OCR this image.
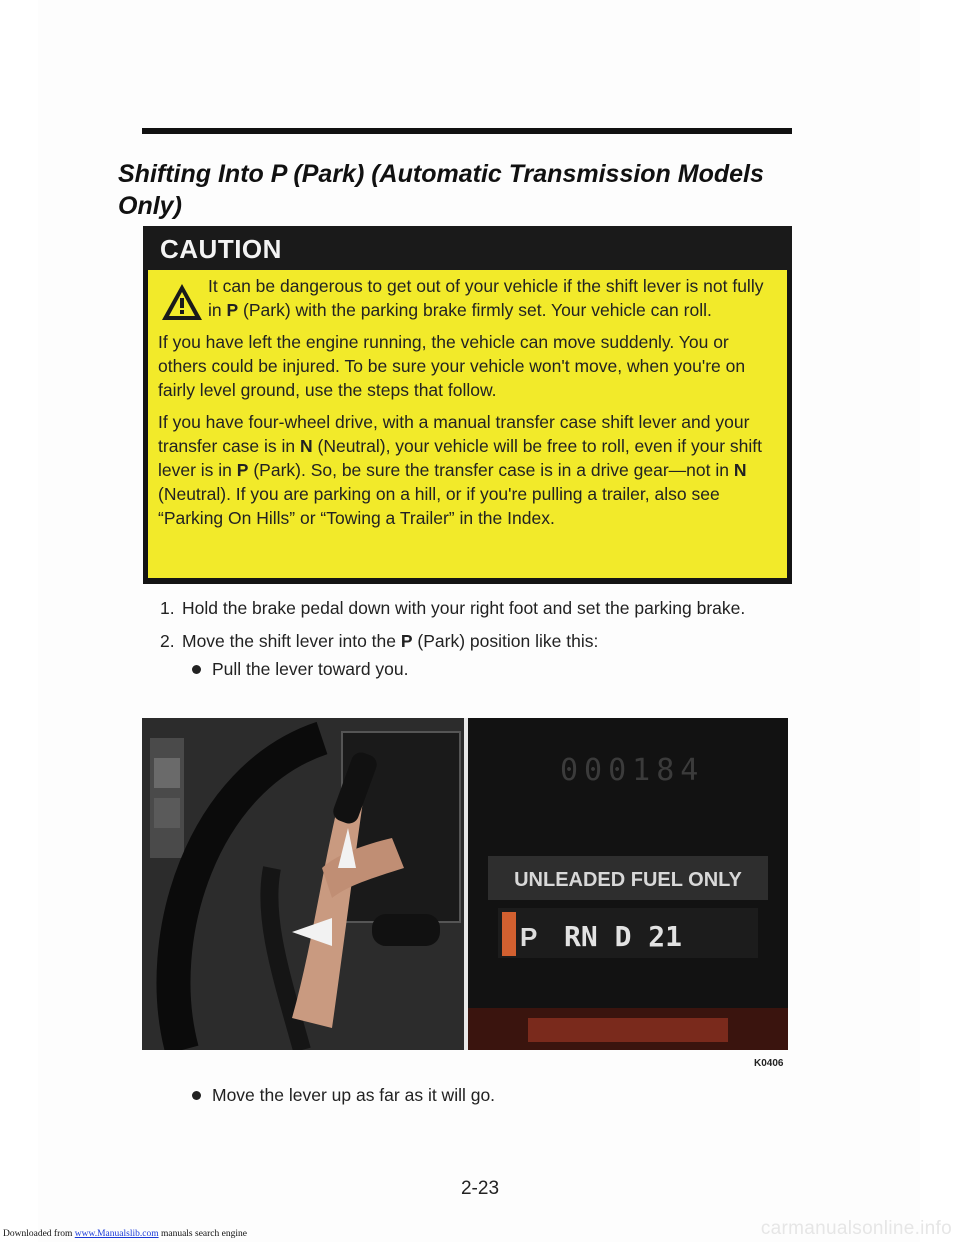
Shifting Into P (Park) (Automatic Transmission Models Only)
CAUTION

It can be dangerous to get out of your vehicle if the shift lever is not fully in P (Park) with the parking brake firmly set. Your vehicle can roll.

If you have left the engine running, the vehicle can move suddenly. You or others could be injured. To be sure your vehicle won't move, when you're on fairly level ground, use the steps that follow.

If you have four-wheel drive, with a manual transfer case shift lever and your transfer case is in N (Neutral), your vehicle will be free to roll, even if your shift lever is in P (Park). So, be sure the transfer case is in a drive gear—not in N (Neutral). If you are parking on a hill, or if you're pulling a trailer, also see “Parking On Hills” or “Towing a Trailer” in the Index.

1. Hold the brake pedal down with your right foot and set the parking brake.
2. Move the shift lever into the P (Park) position like this:
Pull the lever toward you.
000184
UNLEADED FUEL ONLY
P RN D 21
K0406
Move the lever up as far as it will go.
2-23
Downloaded from www.Manualslib.com manuals search engine	carmanualsonline.info
